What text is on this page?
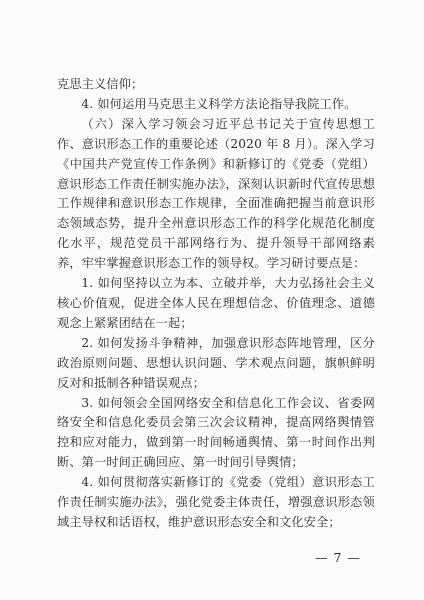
克思主义信仰；

4. 如何运用马克思主义科学方法论指导我院工作。

（六）深入学习领会习近平总书记关于宣传思想工作、意识形态工作的重要论述（2020 年 8 月）。深入学习《中国共产党宣传工作条例》和新修订的《党委（党组）意识形态工作责任制实施办法》，深刻认识新时代宣传思想工作规律和意识形态工作规律，全面准确把握当前意识形态领域态势，提升全州意识形态工作的科学化规范化制度化水平，规范党员干部网络行为、提升领导干部网络素养，牢牢掌握意识形态工作的领导权。学习研讨要点是：

1. 如何坚持以立为本、立破并举，大力弘扬社会主义核心价值观，促进全体人民在理想信念、价值理念、道德观念上紧紧团结在一起；

2. 如何发扬斗争精神，加强意识形态阵地管理，区分政治原则问题、思想认识问题、学术观点问题，旗帜鲜明反对和抵制各种错误观点；

3. 如何领会全国网络安全和信息化工作会议、省委网络安全和信息化委员会第三次会议精神，提高网络舆情管控和应对能力，做到第一时间畅通舆情、第一时间作出判断、第一时间正确回应、第一时间引导舆情；

4. 如何贯彻落实新修订的《党委（党组）意识形态工作责任制实施办法》，强化党委主体责任，增强意识形态领域主导权和话语权，维护意识形态安全和文化安全；

— 7 —
